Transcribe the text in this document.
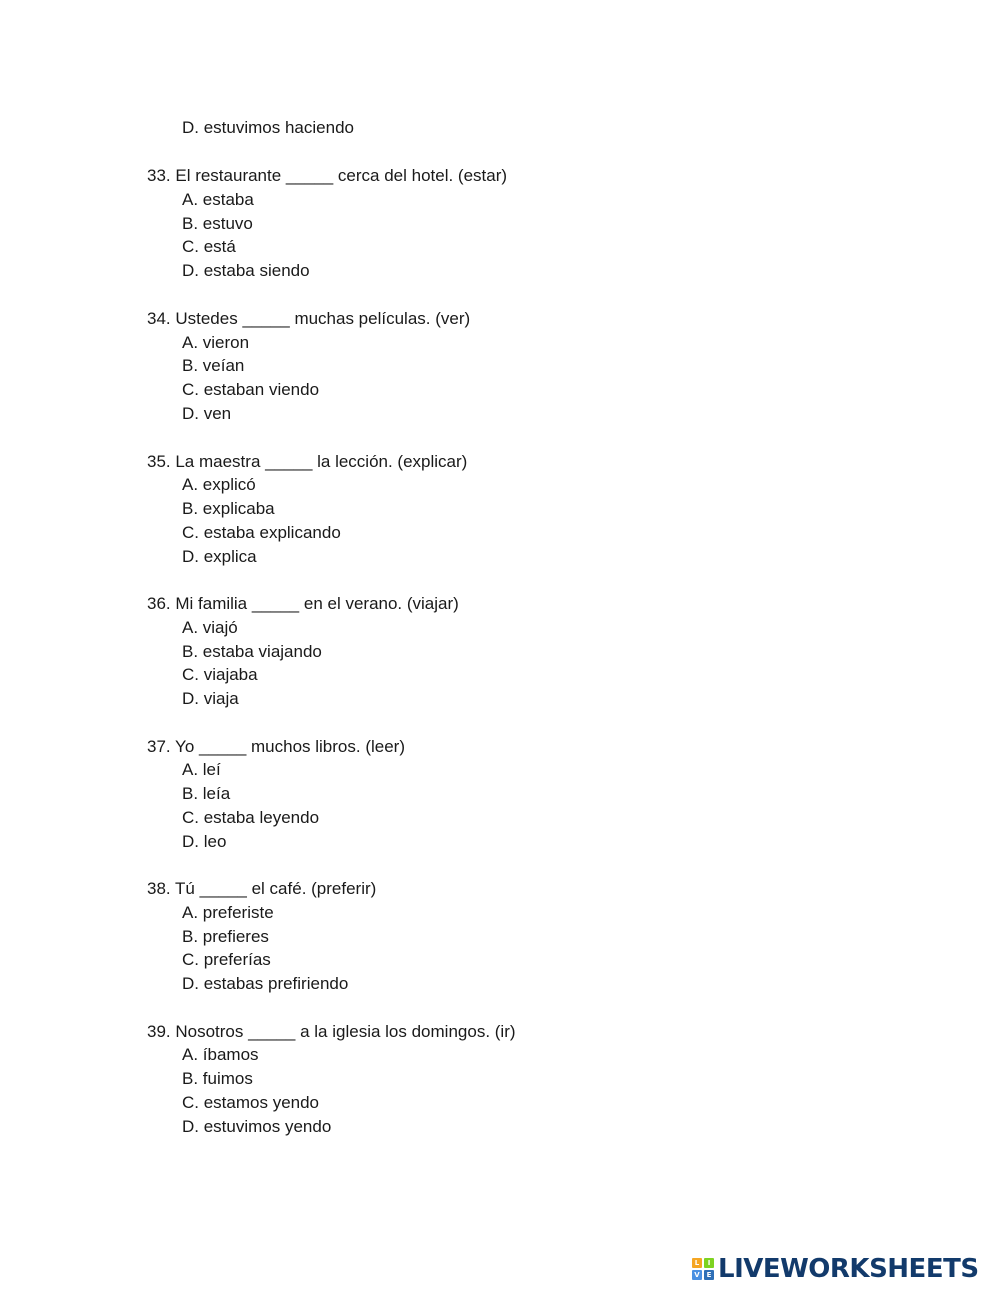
D. estuvimos haciendo
33. El restaurante _____ cerca del hotel. (estar)
A. estaba
B. estuvo
C. está
D. estaba siendo
34. Ustedes _____ muchas películas. (ver)
A. vieron
B. veían
C. estaban viendo
D. ven
35. La maestra _____ la lección. (explicar)
A. explicó
B. explicaba
C. estaba explicando
D. explica
36. Mi familia _____ en el verano. (viajar)
A. viajó
B. estaba viajando
C. viajaba
D. viaja
37. Yo _____ muchos libros. (leer)
A. leí
B. leía
C. estaba leyendo
D. leo
38. Tú _____ el café. (preferir)
A. preferiste
B. prefieres
C. preferías
D. estabas prefiriendo
39. Nosotros _____ a la iglesia los domingos. (ir)
A. íbamos
B. fuimos
C. estamos yendo
D. estuvimos yendo
L	I
V E LIVEWORKSHEETS
